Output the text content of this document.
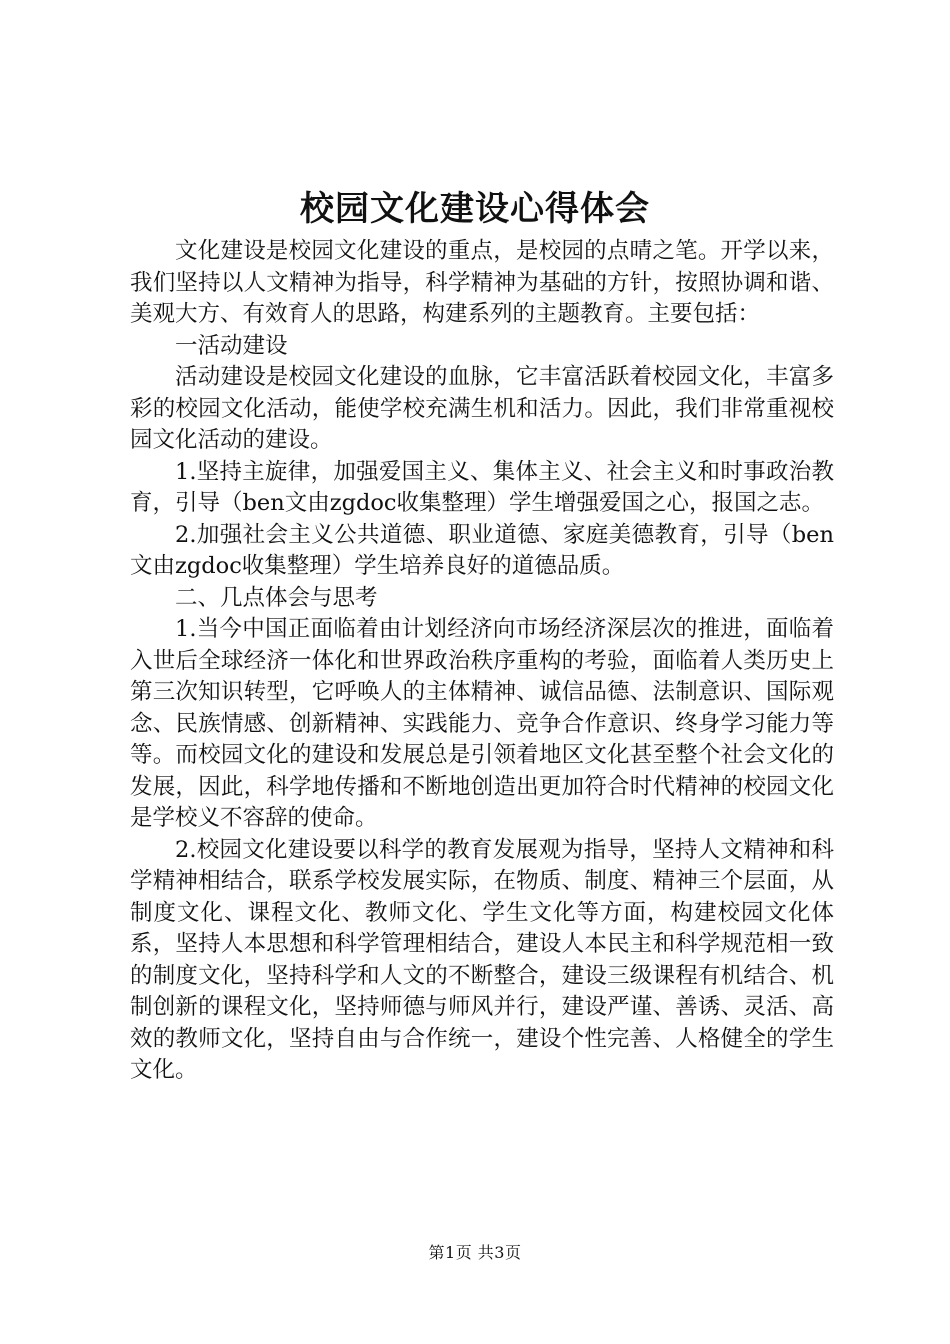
校园文化建设心得体会

文化建设是校园文化建设的重点，是校园的点晴之笔。开学以来，我们坚持以人文精神为指导，科学精神为基础的方针，按照协调和谐、美观大方、有效育人的思路，构建系列的主题教育。主要包括：

一活动建设

活动建设是校园文化建设的血脉，它丰富活跃着校园文化，丰富多彩的校园文化活动，能使学校充满生机和活力。因此，我们非常重视校园文化活动的建设。

1.坚持主旋律，加强爱国主义、集体主义、社会主义和时事政治教育，引导（ben文由zgdoc收集整理）学生增强爱国之心，报国之志。

2.加强社会主义公共道德、职业道德、家庭美德教育，引导（ben文由zgdoc收集整理）学生培养良好的道德品质。

二、几点体会与思考

1.当今中国正面临着由计划经济向市场经济深层次的推进，面临着入世后全球经济一体化和世界政治秩序重构的考验，面临着人类历史上第三次知识转型，它呼唤人的主体精神、诚信品德、法制意识、国际观念、民族情感、创新精神、实践能力、竞争合作意识、终身学习能力等等。而校园文化的建设和发展总是引领着地区文化甚至整个社会文化的发展，因此，科学地传播和不断地创造出更加符合时代精神的校园文化是学校义不容辞的使命。

2.校园文化建设要以科学的教育发展观为指导，坚持人文精神和科学精神相结合，联系学校发展实际，在物质、制度、精神三个层面，从制度文化、课程文化、教师文化、学生文化等方面，构建校园文化体系，坚持人本思想和科学管理相结合，建设人本民主和科学规范相一致的制度文化，坚持科学和人文的不断整合，建设三级课程有机结合、机制创新的课程文化，坚持师德与师风并行，建设严谨、善诱、灵活、高效的教师文化，坚持自由与合作统一，建设个性完善、人格健全的学生文化。

第1页 共3页
